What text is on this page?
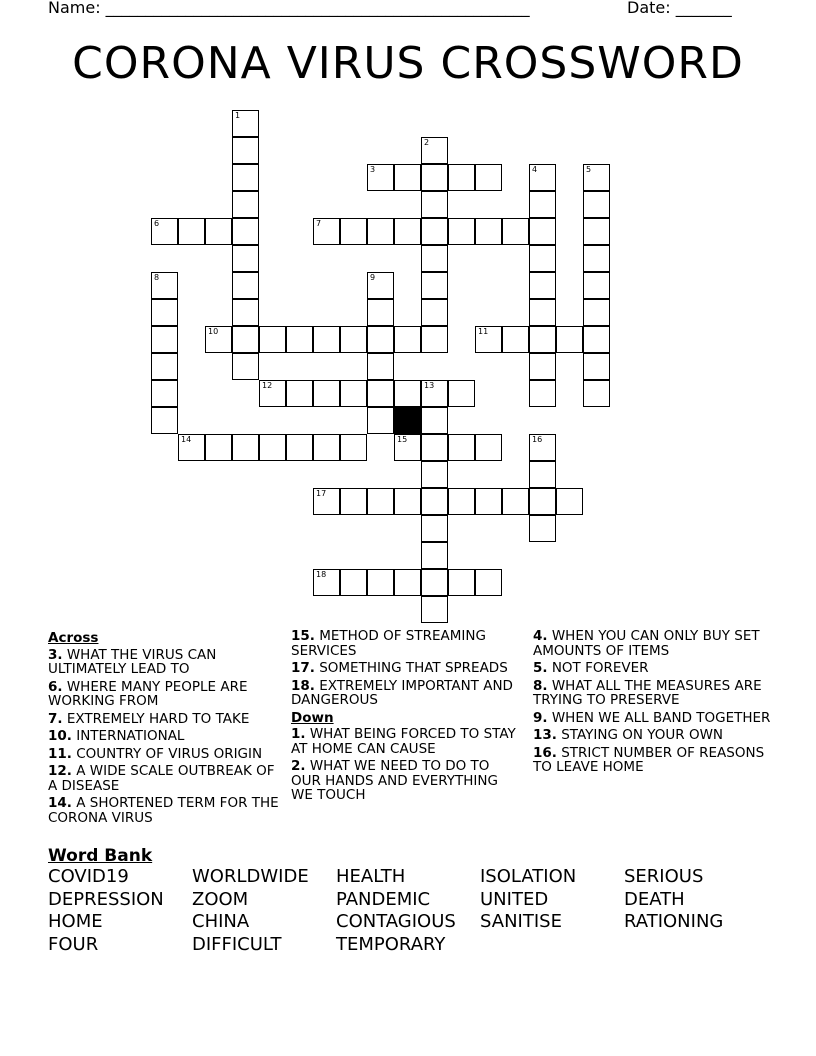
Name: _____________________________________________________	Date: _______
CORONA VIRUS CROSSWORD
1
2
3	4	5
6	7
8	9
10	11
12	13
14	15	16
17
18
Across
3. WHAT THE VIRUS CAN ULTIMATELY LEAD TO
6. WHERE MANY PEOPLE ARE WORKING FROM
7. EXTREMELY HARD TO TAKE
10. INTERNATIONAL
11. COUNTRY OF VIRUS ORIGIN
12. A WIDE SCALE OUTBREAK OF A DISEASE
14. A SHORTENED TERM FOR THE CORONA VIRUS
15. METHOD OF STREAMING SERVICES
17. SOMETHING THAT SPREADS
18. EXTREMELY IMPORTANT AND DANGEROUS
Down
1. WHAT BEING FORCED TO STAY AT HOME CAN CAUSE
2. WHAT WE NEED TO DO TO OUR HANDS AND EVERYTHING WE TOUCH
4. WHEN YOU CAN ONLY BUY SET AMOUNTS OF ITEMS
5. NOT FOREVER
8. WHAT ALL THE MEASURES ARE TRYING TO PRESERVE
9. WHEN WE ALL BAND TOGETHER
13. STAYING ON YOUR OWN
16. STRICT NUMBER OF REASONS TO LEAVE HOME
Word Bank
COVID19	WORLDWIDE	HEALTH	ISOLATION	SERIOUS
DEPRESSION	ZOOM	PANDEMIC	UNITED	DEATH
HOME	CHINA	CONTAGIOUS	SANITISE	RATIONING
FOUR	DIFFICULT	TEMPORARY
